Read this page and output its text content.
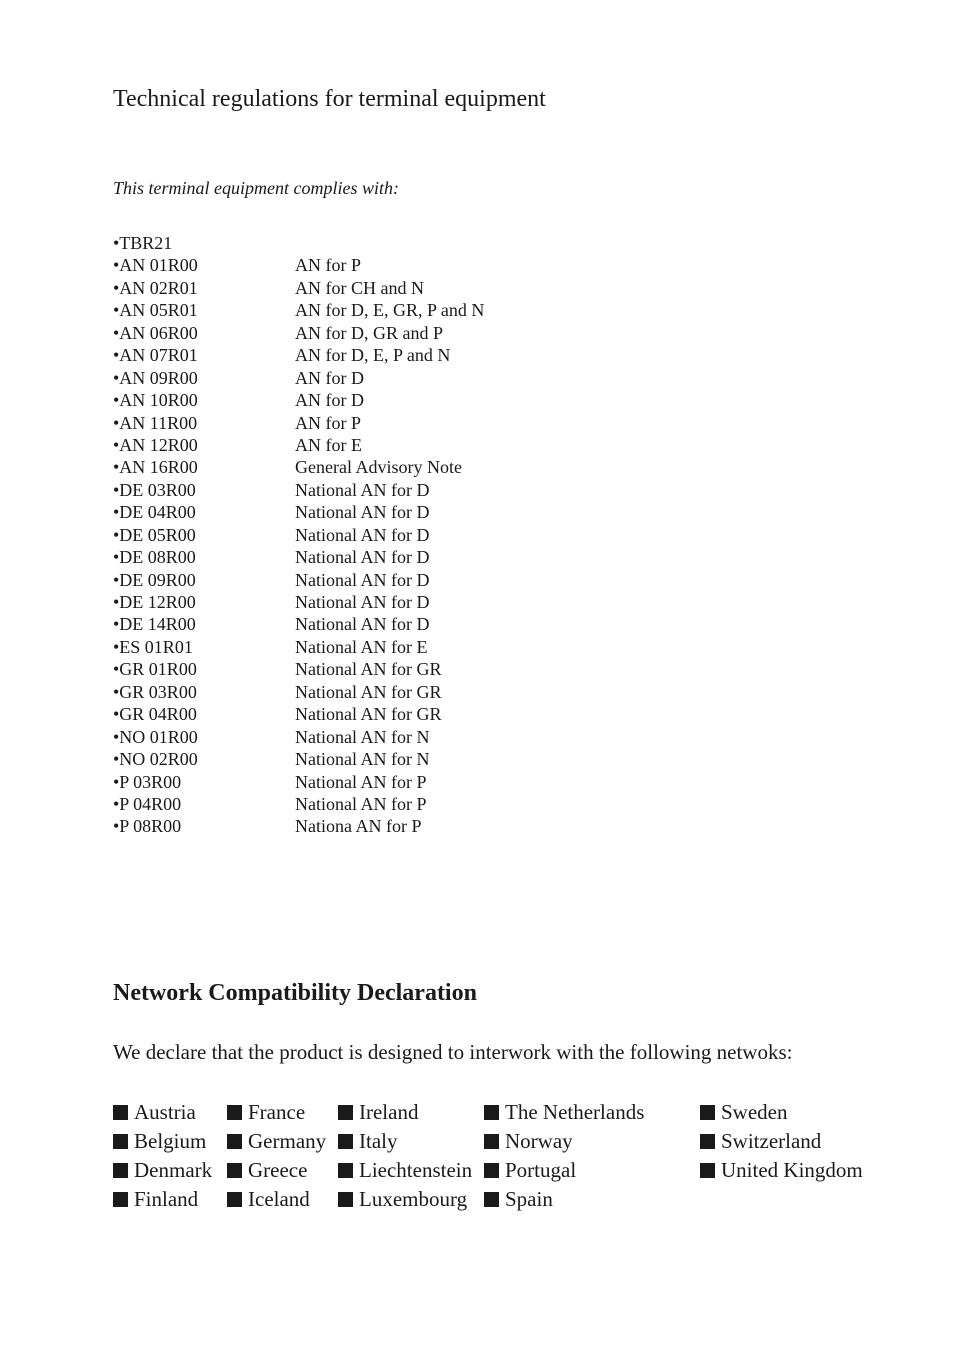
Technical regulations for terminal equipment
This terminal equipment complies with:
•TBR21
•AN 01R00	AN for P
•AN 02R01	AN for CH and N
•AN 05R01	AN for D, E, GR, P and N
•AN 06R00	AN for D, GR and P
•AN 07R01	AN for D, E, P and N
•AN 09R00	AN for D
•AN 10R00	AN for D
•AN 11R00	AN for P
•AN 12R00	AN for E
•AN 16R00	General Advisory Note
•DE 03R00	National AN for D
•DE 04R00	National AN for D
•DE 05R00	National AN for D
•DE 08R00	National AN for D
•DE 09R00	National AN for D
•DE 12R00	National AN for D
•DE 14R00	National AN for D
•ES 01R01	National AN for E
•GR 01R00	National AN for GR
•GR 03R00	National AN for GR
•GR 04R00	National AN for GR
•NO 01R00	National AN for N
•NO 02R00	National AN for N
•P 03R00	National AN for P
•P 04R00	National AN for P
•P 08R00	Nationa AN for P
Network Compatibility Declaration
We declare that the product is designed to interwork with the following netwoks:
Austria
Belgium
Denmark
Finland
France
Germany
Greece
Iceland
Ireland
Italy
Liechtenstein
Luxembourg
The Netherlands
Norway
Portugal
Spain
Sweden
Switzerland
United Kingdom
